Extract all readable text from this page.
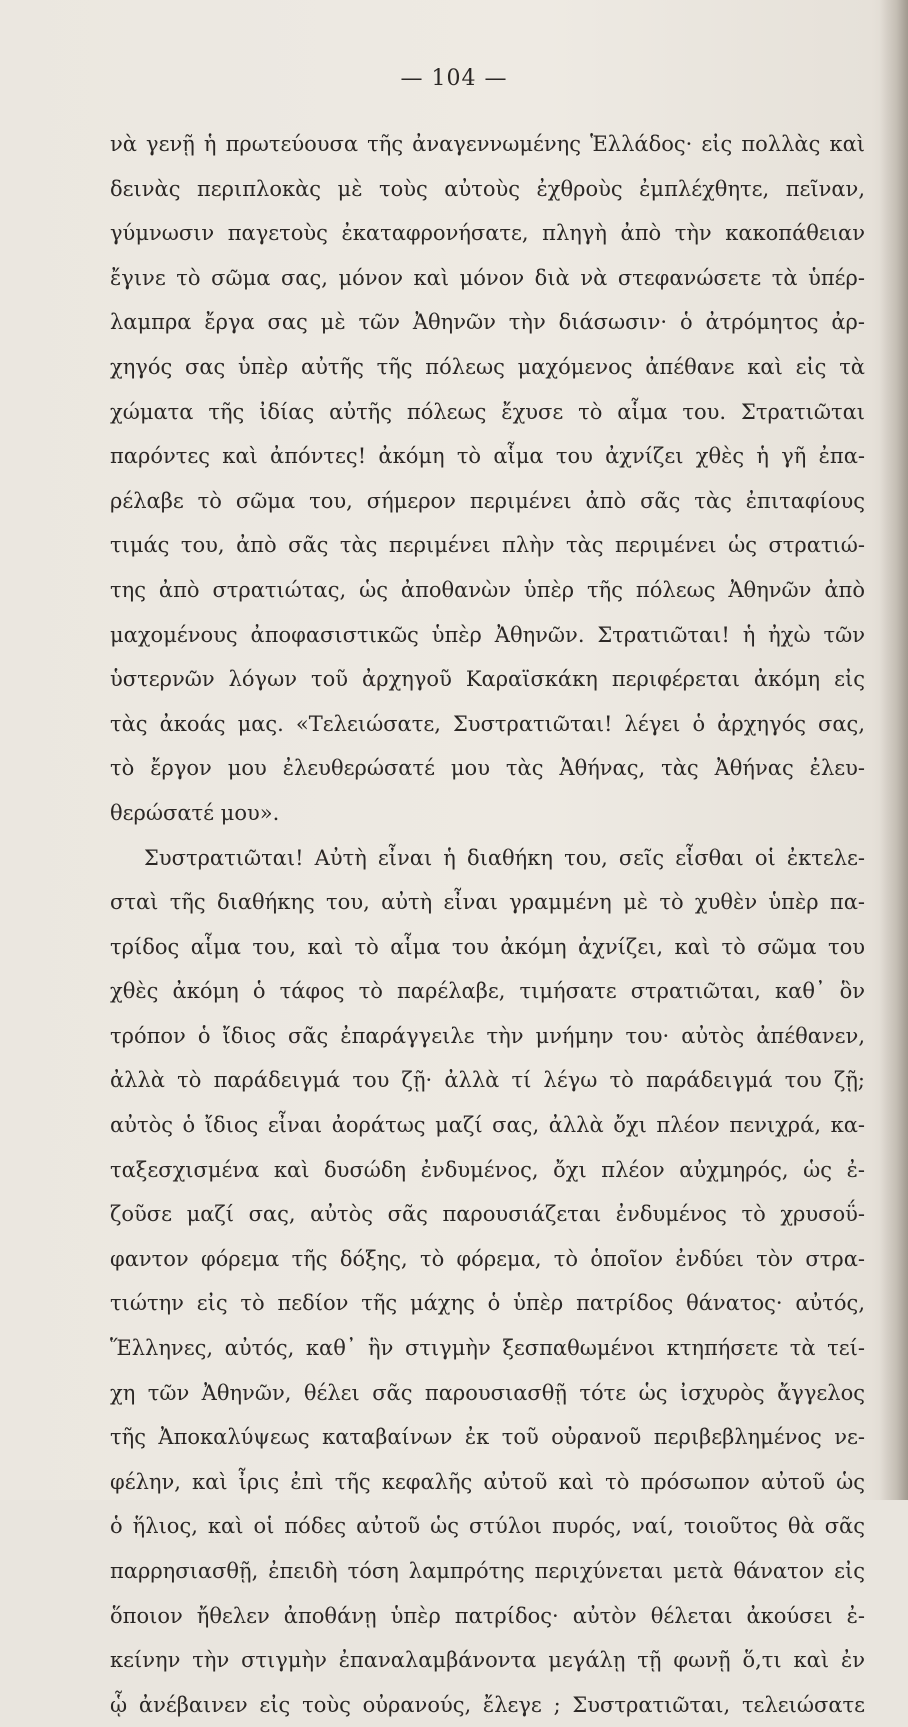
— 104 —
νὰ γενῇ ἡ πρωτεύουσα τῆς ἀναγεννωμένης Ἑλλάδος· εἰς πολλὰς καὶ
δεινὰς περιπλοκὰς μὲ τοὺς αὐτοὺς ἐχθροὺς ἐμπλέχθητε, πεῖναν,
γύμνωσιν παγετοὺς ἐκαταφρονήσατε, πληγὴ ἀπὸ τὴν κακοπάθειαν
ἔγινε τὸ σῶμα σας, μόνον καὶ μόνον διὰ νὰ στεφανώσετε τὰ ὑπέρ-
λαμπρα ἔργα σας μὲ τῶν Ἀθηνῶν τὴν διάσωσιν· ὁ ἀτρόμητος ἀρ-
χηγός σας ὑπὲρ αὐτῆς τῆς πόλεως μαχόμενος ἀπέθανε καὶ εἰς τὰ
χώματα τῆς ἰδίας αὐτῆς πόλεως ἔχυσε τὸ αἷμα του. Στρατιῶται
παρόντες καὶ ἀπόντες! ἀκόμη τὸ αἷμα του ἀχνίζει χθὲς ἡ γῆ ἐπα-
ρέλαβε τὸ σῶμα του, σήμερον περιμένει ἀπὸ σᾶς τὰς ἐπιταφίους
τιμάς του, ἀπὸ σᾶς τὰς περιμένει πλὴν τὰς περιμένει ὡς στρατιώ-
της ἀπὸ στρατιώτας, ὡς ἀποθανὼν ὑπὲρ τῆς πόλεως Ἀθηνῶν ἀπὸ
μαχομένους ἀποφασιστικῶς ὑπὲρ Ἀθηνῶν. Στρατιῶται! ἡ ἠχὼ τῶν
ὑστερνῶν λόγων τοῦ ἀρχηγοῦ Καραϊσκάκη περιφέρεται ἀκόμη εἰς
τὰς ἀκοάς μας. «Τελειώσατε, Συστρατιῶται! λέγει ὁ ἀρχηγός σας,
τὸ ἔργον μου ἐλευθερώσατέ μου τὰς Ἀθήνας, τὰς Ἀθήνας ἐλευ-
θερώσατέ μου».
Συστρατιῶται! Αὐτὴ εἶναι ἡ διαθήκη του, σεῖς εἶσθαι οἱ ἐκτελε-
σταὶ τῆς διαθήκης του, αὐτὴ εἶναι γραμμένη μὲ τὸ χυθὲν ὑπὲρ πα-
τρίδος αἷμα του, καὶ τὸ αἷμα του ἀκόμη ἀχνίζει, καὶ τὸ σῶμα του
χθὲς ἀκόμη ὁ τάφος τὸ παρέλαβε, τιμήσατε στρατιῶται, καθ᾽ ὃν
τρόπον ὁ ἴδιος σᾶς ἐπαράγγειλε τὴν μνήμην του· αὐτὸς ἀπέθανεν,
ἀλλὰ τὸ παράδειγμά του ζῇ· ἀλλὰ τί λέγω τὸ παράδειγμά του ζῇ;
αὐτὸς ὁ ἴδιος εἶναι ἀοράτως μαζί σας, ἀλλὰ ὄχι πλέον πενιχρά, κα-
ταξεσχισμένα καὶ δυσώδη ἐνδυμένος, ὄχι πλέον αὐχμηρός, ὡς ἐ-
ζοῦσε μαζί σας, αὐτὸς σᾶς παρουσιάζεται ἐνδυμένος τὸ χρυσοΰ-
φαντον φόρεμα τῆς δόξης, τὸ φόρεμα, τὸ ὁποῖον ἐνδύει τὸν στρα-
τιώτην εἰς τὸ πεδίον τῆς μάχης ὁ ὑπὲρ πατρίδος θάνατος· αὐτός,
Ἕλληνες, αὐτός, καθ᾽ ἣν στιγμὴν ξεσπαθωμένοι κτηπήσετε τὰ τεί-
χη τῶν Ἀθηνῶν, θέλει σᾶς παρουσιασθῇ τότε ὡς ἰσχυρὸς ἄγγελος
τῆς Ἀποκαλύψεως καταβαίνων ἐκ τοῦ οὐρανοῦ περιβεβλημένος νε-
φέλην, καὶ ἶρις ἐπὶ τῆς κεφαλῆς αὐτοῦ καὶ τὸ πρόσωπον αὐτοῦ ὡς
ὁ ἥλιος, καὶ οἱ πόδες αὐτοῦ ὡς στύλοι πυρός, ναί, τοιοῦτος θὰ σᾶς
παρρησιασθῇ, ἐπειδὴ τόση λαμπρότης περιχύνεται μετὰ θάνατον εἰς
ὅποιον ἤθελεν ἀποθάνῃ ὑπὲρ πατρίδος· αὐτὸν θέλεται ἀκούσει ἐ-
κείνην τὴν στιγμὴν ἐπαναλαμβάνοντα μεγάλῃ τῇ φωνῇ ὅ,τι καὶ ἐν
ᾧ ἀνέβαινεν εἰς τοὺς οὐρανούς, ἔλεγε ; Συστρατιῶται, τελειώσατε
